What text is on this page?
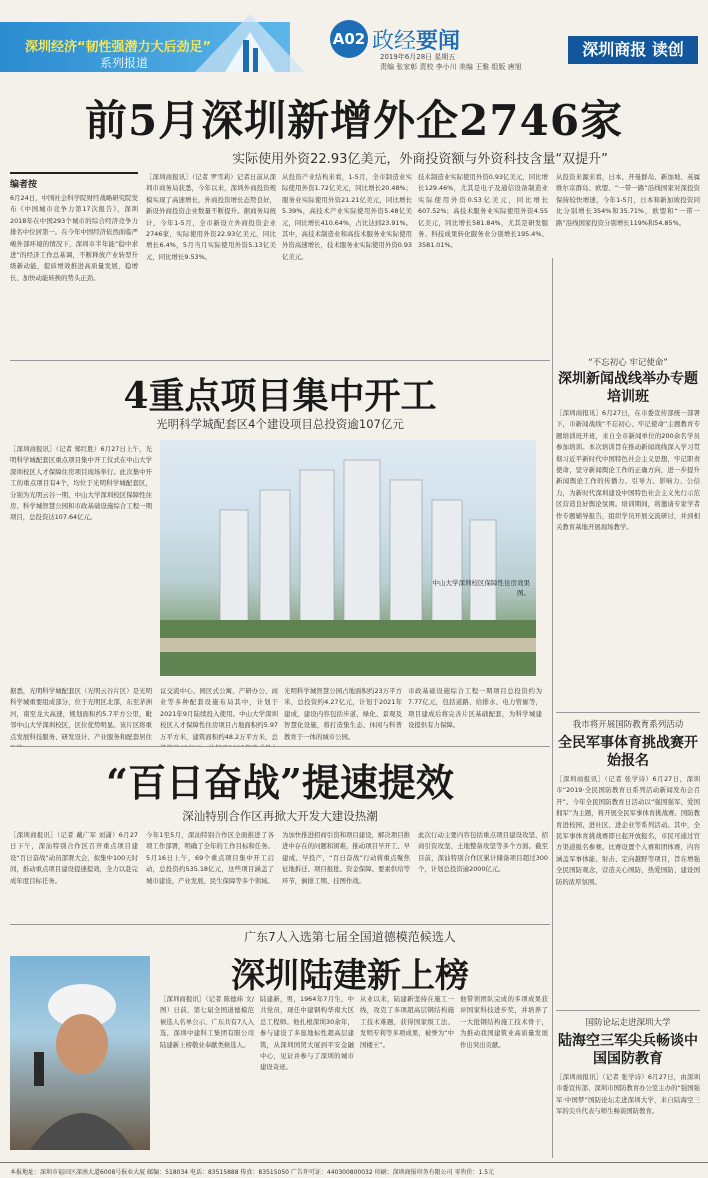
深圳经济“韧性强潜力大后劲足”
系列报道
A02 政经要闻
2019年6月28日 星期五
责编 张家彰 责校 李小川 美编 王雅 组版 唐旭
深圳商报 读创
前5月深圳新增外企2746家
实际使用外资22.93亿美元，外商投资额与外资科技含量“双提升”
编者按
6月24日，中国社会科学院财经战略研究院发布《中国城市竞争力第17次报告》，深圳2018年在中国293个城市的综合经济竞争力排名中位居第一。在今年中国经济依然面临严峻外部环境的情况下，深圳市半年能“稳中求进”的经济工作总基调，不断释放产业转型升级新动能，提质增效推进高质量发展，稳增长、加快动能转换的势头正劲。
［深圳商报讯］（记者 罗雪莉）记者日前从深圳市商务局获悉，今年以来，深圳外商投资规模实现了高速增长，外商投资增长态势良好，新设外商投资企业数量不断提升。据商务局统计，今年1-5月，全市新设立外商投资企业2746家，实际使用外资22.93亿美元，同比增长6.4%，5月当月实际使用外资5.13亿美元，同比增长9.53%。
从投资产业结构来看，1-5月，全市制造业实际使用外资1.72亿美元，同比增长20.48%；服务业实际使用外资21.21亿美元，同比增长5.39%，高技术产业实际使用外资5.48亿美元，同比增长410.64%，占比达到23.91%。其中，高技术制造业和高技术服务业实际使用外资高速增长，技术服务业实际使用外资0.93亿美元。
技术制造业实际使用外资0.93亿美元，同比增长129.46%，尤其是电子及通信设备制造业实际使用外资0.53亿美元，同比增长607.52%；高技术服务业实际使用外资4.55亿美元，同比增长581.84%，尤其是研发服务、科技成果转化服务业分别增长195.4%、3581.01%。
从投资来源来看，日本、开曼群岛、新加坡、英属维尔京群岛、欧盟、“一带一路”沿线国家对深投资保持较快增速，今年1-5月，日本和新加坡投资同比分别增长354%和35.71%，欧盟和“一带一路”沿线国家投资分别增长119%和54.85%。
4重点项目集中开工
光明科学城配套区4个建设项目总投资逾107亿元
［深圳商报讯］（记者 郑红胜）6月27日上午，光明科学城配套区重点项目集中开工仪式在中山大学深圳校区人才保障住房项目现场举行。此次集中开工的重点项目有4个，均位于光明科学城配套区，分别为光明云谷一期、中山大学深圳校区保障性住房、科学城智慧公园和市政基础设施综合工程一期项目，总投资达107.64亿元。
据悉，光明科学城配套区（光明云谷片区）是光明科学城重要组成部分，位于光明区北部，东至茅洲河，南至龙大高速，规划面积约5.7平方公里，毗邻中山大学深圳校区，区位优势明显。该片区将重点发展科技服务、研发设计、产业服务和配套居住
议交流中心、园区式公寓、产研办公、商业等多种配套设施布局其中，计划于2021年9月陆续投入使用。中山大学深圳校区人才保障性住房项目占地面积约5.97万平方米，建筑面积约48.2万平方米，总
光明科学城智慧公园占地面积约23万平方米，总投资约4.27亿元，计划于2021年建成，建设内容包括步道、绿化、景观及智慧化设施，将打造集生态、休闲与科普教育于一体的城市公园。
市政基础设施综合工程一期项目总投资约为7.77亿元，包括道路、给排水、电力管廊等，项目建成后将完善片区基础配套，为科学城建设提供有力保障。
中山大学深圳校区保障性住房效果图。
“百日奋战”提速提效
深汕特别合作区再掀大开发大建设热潮
［深圳商报讯］（记者 戴广军 刘潇）6月27日下午，深汕特别合作区召开重点项目建设“百日奋战”动员部署大会，拟集中100天时间，推动重点项目建设提速提效，全力以赴完成年度目标任务。
今年1至5月，深汕特别合作区全面推进了各项工作部署，明确了全年的工作目标和任务。5月16日上午，69个重点项目集中开工启动，总投资约535.18亿元，这些项目涵盖了城市建设、产业发展、民生保障等多个领域。
为加快推进招商引资和项目建设，解决项目推进中存在的问题和困难，推动项目早开工、早建成、早投产，“百日奋战”行动将重点聚焦征地拆迁、项目报批、资金保障、要素供给等环节，倒排工期、挂图作战。
此次行动主要内容包括重点项目建设攻坚、招商引资攻坚、土地整备攻坚等多个方面。截至目前，深汕特别合作区累计储备项目超过300个，计划总投资逾2000亿元。
广东7人入选第七届全国道德模范候选人
深圳陆建新上榜
［深圳商报讯］（记者 陈德炜 文/图）日前，第七届全国道德模范候选人名单公示，广东共有7人入选，深圳中建科工集团有限公司陆建新上榜敬业奉献类候选人。
陆建新，男，1964年7月生，中共党员，现任中建钢构华南大区总工程师。他扎根深圳30余年，参与建设了多座地标性超高层建筑，从深圳国贸大厦到平安金融中心，见证并参与了深圳的城市建设奇迹。
从业以来，陆建新坚持在施工一线，攻克了多项超高层钢结构施工技术难题，获得国家级工法、发明专利等多项成果，被誉为“中国楼王”。
他带领团队完成的多项成果获评国家科技进步奖，并培养了一大批钢结构施工技术骨干，为推动我国建筑业高质量发展作出突出贡献。
“不忘初心 牢记使命”
深圳新闻战线举办专题培训班
［深圳商报讯］6月27日，在市委宣传部统一部署下，市新闻战线“不忘初心、牢记使命”主题教育专题培训班开班，来自全市新闻单位的200余名学员参加培训。本次培训旨在推动新闻战线深入学习贯彻习近平新时代中国特色社会主义思想，牢记职责使命，坚守新闻舆论工作的正确方向，进一步提升新闻舆论工作的传播力、引导力、影响力、公信力，为新时代深圳建设中国特色社会主义先行示范区营造良好舆论氛围。培训期间，将邀请专家学者作专题辅导报告，组织学员开展交流研讨，并到相关教育基地开展现场教学。
我市将开展国防教育系列活动
全民军事体育挑战赛开始报名
［深圳商报讯］（记者 张学诗）6月27日，深圳市“2019·全民国防教育日系列活动新闻发布会召开”。今年全民国防教育日活动以“强国强军、爱国拥军”为主题，将开展全民军事体育挑战赛、国防教育进校园、进社区、进企业等系列活动。其中，全民军事体育挑战赛即日起开放报名，市民可通过官方渠道报名参赛。比赛设置个人赛和团体赛，内容涵盖军事体能、射击、定向越野等项目，旨在增强全民国防观念，营造关心国防、热爱国防、建设国防的浓厚氛围。
国防论坛走进深圳大学
陆海空三军尖兵畅谈中国国防教育
［深圳商报讯］（记者 张学诗）6月27日，由深圳市委宣传部、深圳市国防教育办公室主办的“强国强军·中国梦”国防论坛走进深圳大学，来自陆海空三军的尖兵代表与师生畅谈国防教育。
本报地址：深圳市福田区深南大道6008号报业大厦 邮编：518034 电话：83515888 传真：83515050 广告许可证：440300800032 印刷：深圳商报印务有限公司 零售价：1.5元
